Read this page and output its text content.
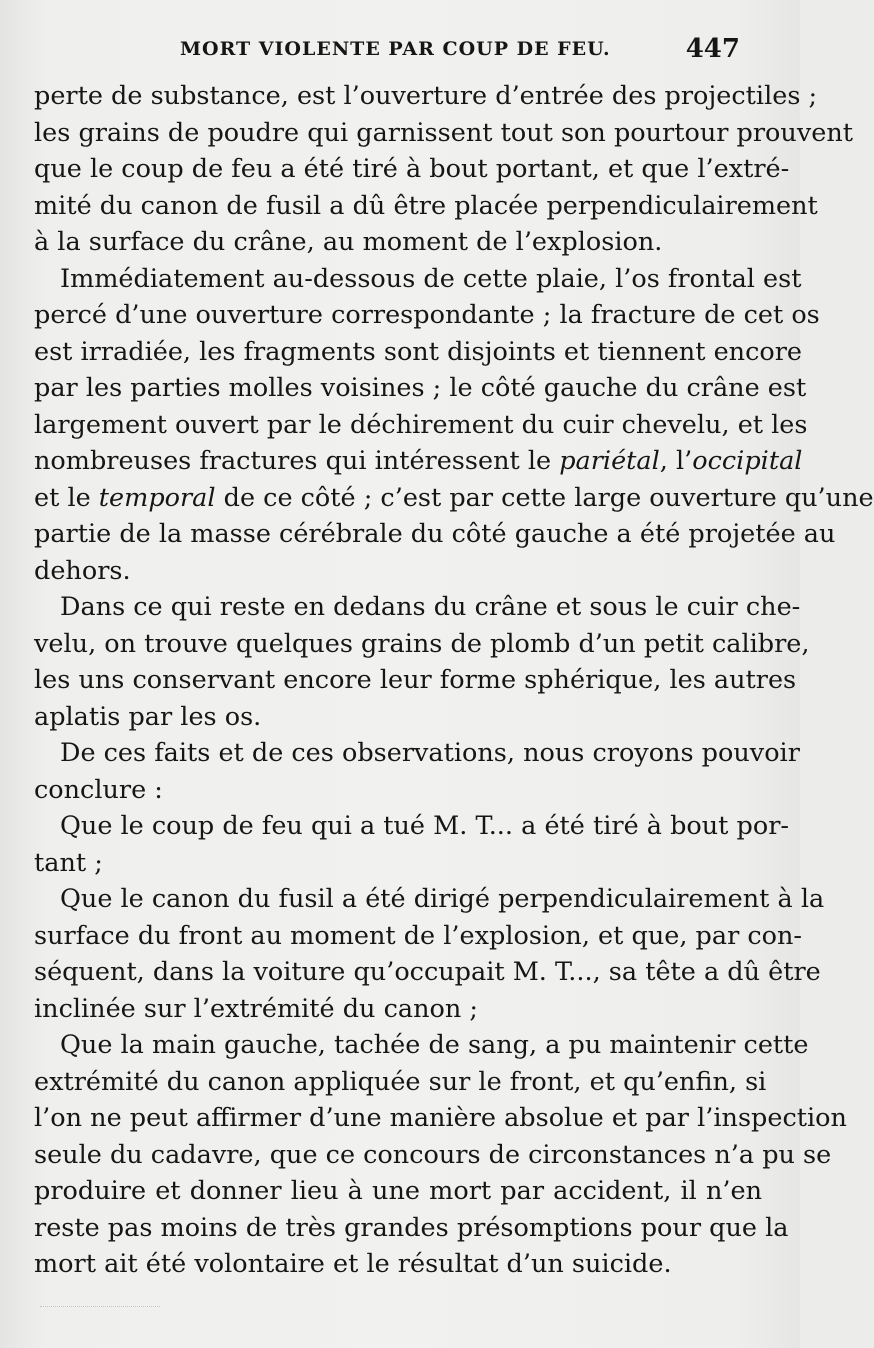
MORT VIOLENTE PAR COUP DE FEU.	447
perte de substance, est l’ouverture d’entrée des projectiles ;
les grains de poudre qui garnissent tout son pourtour prouvent
que le coup de feu a été tiré à bout portant, et que l’extré-
mité du canon de fusil a dû être placée perpendiculairement
à la surface du crâne, au moment de l’explosion.
Immédiatement au-dessous de cette plaie, l’os frontal est
percé d’une ouverture correspondante ; la fracture de cet os
est irradiée, les fragments sont disjoints et tiennent encore
par les parties molles voisines ; le côté gauche du crâne est
largement ouvert par le déchirement du cuir chevelu, et les
nombreuses fractures qui intéressent le pariétal, l’occipital
et le temporal de ce côté ; c’est par cette large ouverture qu’une
partie de la masse cérébrale du côté gauche a été projetée au
dehors.
Dans ce qui reste en dedans du crâne et sous le cuir che-
velu, on trouve quelques grains de plomb d’un petit calibre,
les uns conservant encore leur forme sphérique, les autres
aplatis par les os.
De ces faits et de ces observations, nous croyons pouvoir
conclure :
Que le coup de feu qui a tué M. T... a été tiré à bout por-
tant ;
Que le canon du fusil a été dirigé perpendiculairement à la
surface du front au moment de l’explosion, et que, par con-
séquent, dans la voiture qu’occupait M. T..., sa tête a dû être
inclinée sur l’extrémité du canon ;
Que la main gauche, tachée de sang, a pu maintenir cette
extrémité du canon appliquée sur le front, et qu’enfin, si
l’on ne peut affirmer d’une manière absolue et par l’inspection
seule du cadavre, que ce concours de circonstances n’a pu se
produire et donner lieu à une mort par accident, il n’en
reste pas moins de très grandes présomptions pour que la
mort ait été volontaire et le résultat d’un suicide.
